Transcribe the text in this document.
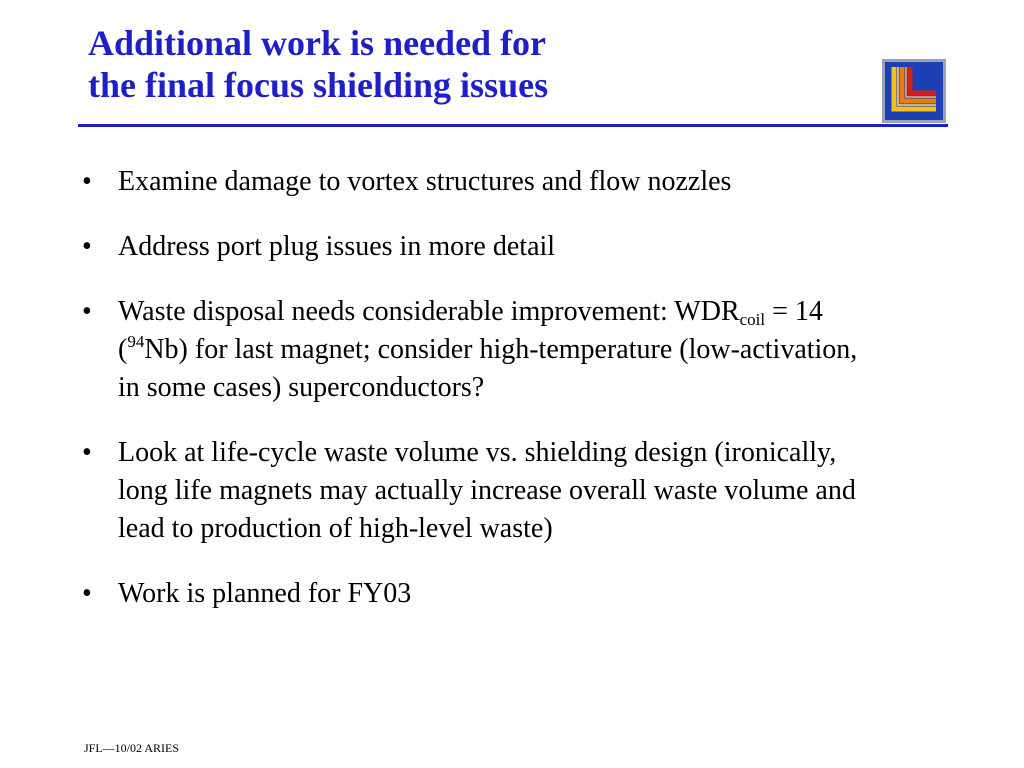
Additional work is needed for
the final focus shielding issues
• Examine damage to vortex structures and flow nozzles
• Address port plug issues in more detail
• Waste disposal needs considerable improvement: $WDR_{coil} = 14$ ($^{94}$Nb) for last magnet; consider high-temperature (low-activation, in some cases) superconductors?
• Look at life-cycle waste volume vs. shielding design (ironically, long life magnets may actually increase overall waste volume and lead to production of high-level waste)
• Work is planned for FY03
JFL—10/02 ARIES
